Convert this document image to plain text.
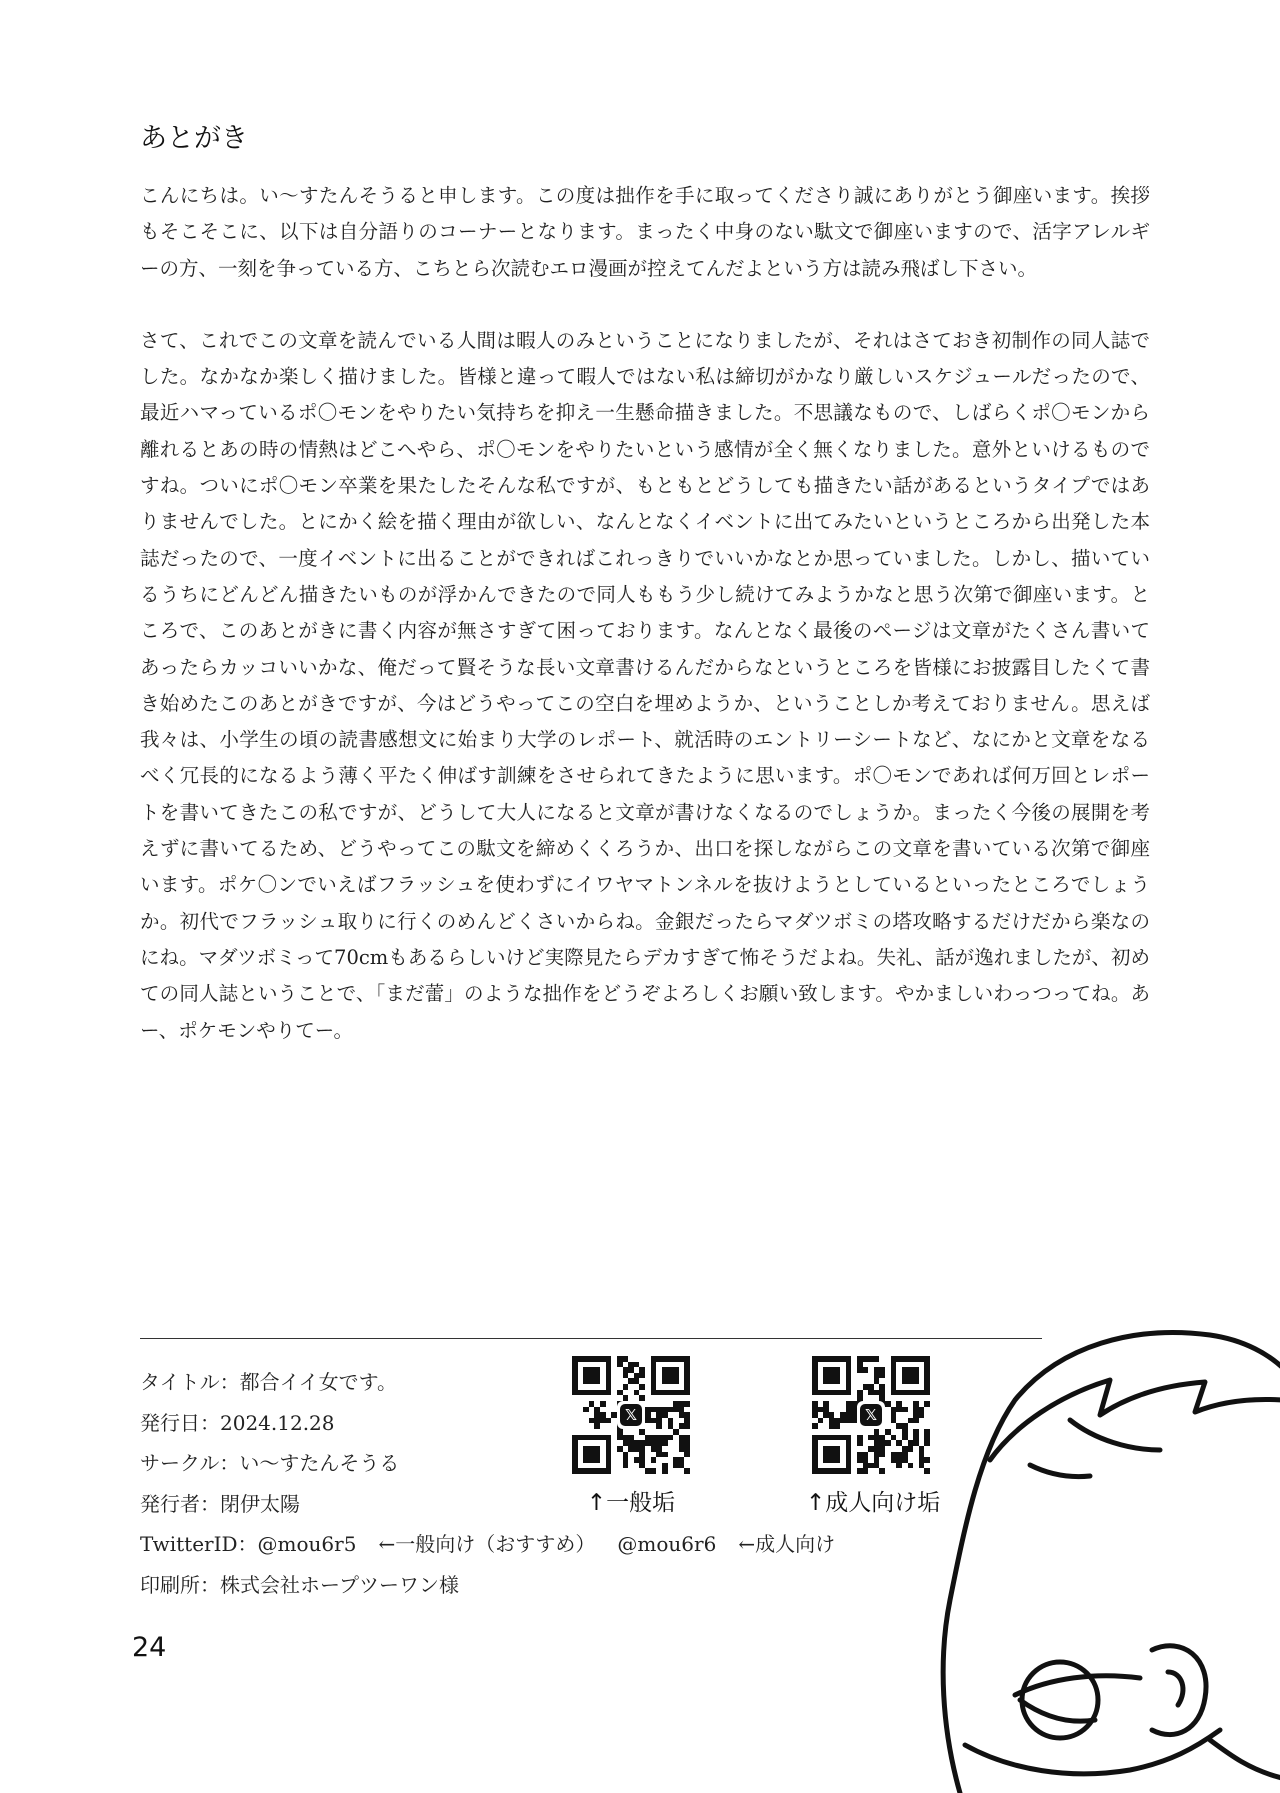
あとがき

こんにちは。い〜すたんそうると申します。この度は拙作を手に取ってくださり誠にありがとう御座います。挨拶もそこそこに、以下は自分語りのコーナーとなります。まったく中身のない駄文で御座いますので、活字アレルギーの方、一刻を争っている方、こちとら次読むエロ漫画が控えてんだよという方は読み飛ばし下さい。

さて、これでこの文章を読んでいる人間は暇人のみということになりましたが、それはさておき初制作の同人誌でした。なかなか楽しく描けました。皆様と違って暇人ではない私は締切がかなり厳しいスケジュールだったので、最近ハマっているポ〇モンをやりたい気持ちを抑え一生懸命描きました。不思議なもので、しばらくポ〇モンから離れるとあの時の情熱はどこへやら、ポ〇モンをやりたいという感情が全く無くなりました。意外といけるものですね。ついにポ〇モン卒業を果たしたそんな私ですが、もともとどうしても描きたい話があるというタイプではありませんでした。とにかく絵を描く理由が欲しい、なんとなくイベントに出てみたいというところから出発した本誌だったので、一度イベントに出ることができればこれっきりでいいかなとか思っていました。しかし、描いているうちにどんどん描きたいものが浮かんできたので同人ももう少し続けてみようかなと思う次第で御座います。ところで、このあとがきに書く内容が無さすぎて困っております。なんとなく最後のページは文章がたくさん書いてあったらカッコいいかな、俺だって賢そうな長い文章書けるんだからなというところを皆様にお披露目したくて書き始めたこのあとがきですが、今はどうやってこの空白を埋めようか、ということしか考えておりません。思えば我々は、小学生の頃の読書感想文に始まり大学のレポート、就活時のエントリーシートなど、なにかと文章をなるべく冗長的になるよう薄く平たく伸ばす訓練をさせられてきたように思います。ポ〇モンであれば何万回とレポートを書いてきたこの私ですが、どうして大人になると文章が書けなくなるのでしょうか。まったく今後の展開を考えずに書いてるため、どうやってこの駄文を締めくくろうか、出口を探しながらこの文章を書いている次第で御座います。ポケ〇ンでいえばフラッシュを使わずにイワヤマトンネルを抜けようとしているといったところでしょうか。初代でフラッシュ取りに行くのめんどくさいからね。金銀だったらマダツボミの塔攻略するだけだから楽なのにね。マダツボミって70cmもあるらしいけど実際見たらデカすぎて怖そうだよね。失礼、話が逸れましたが、初めての同人誌ということで、「まだ蕾」のような拙作をどうぞよろしくお願い致します。やかましいわっつってね。あー、ポケモンやりてー。

タイトル：都合イイ女です。
発行日：2024.12.28
サークル：い〜すたんそうる
発行者：閉伊太陽
TwitterID：@mou6r5 ←一般向け（おすすめ） @mou6r6 ←成人向け
印刷所：株式会社ホープツーワン様
𝕏
↑一般垢
𝕏
↑成人向け垢
24
